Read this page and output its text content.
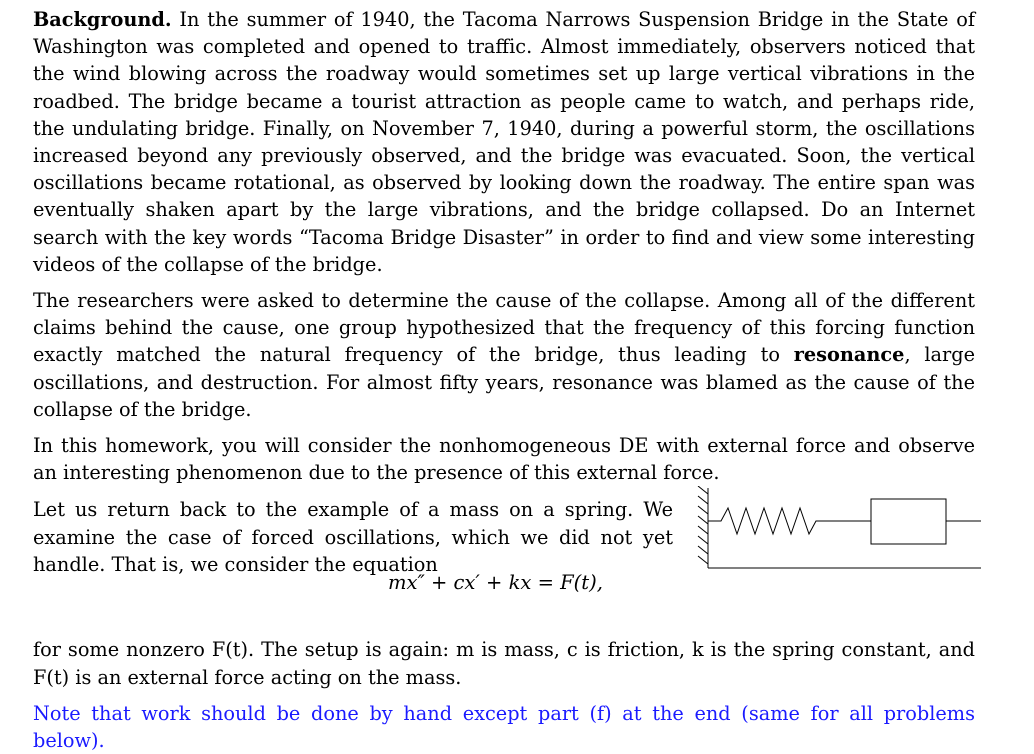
Background. In the summer of 1940, the Tacoma Narrows Suspension Bridge in the State of Washington was completed and opened to traffic. Almost immediately, observers noticed that the wind blowing across the roadway would sometimes set up large vertical vibrations in the roadbed. The bridge became a tourist attraction as people came to watch, and perhaps ride, the undulating bridge. Finally, on November 7, 1940, during a powerful storm, the oscillations increased beyond any previously observed, and the bridge was evacuated. Soon, the vertical oscillations became rotational, as observed by looking down the roadway. The entire span was eventually shaken apart by the large vibrations, and the bridge collapsed. Do an Internet search with the key words “Tacoma Bridge Disaster” in order to find and view some interesting videos of the collapse of the bridge.

The researchers were asked to determine the cause of the collapse. Among all of the different claims behind the cause, one group hypothesized that the frequency of this forcing function exactly matched the natural frequency of the bridge, thus leading to resonance, large oscillations, and destruction. For almost fifty years, resonance was blamed as the cause of the collapse of the bridge.

In this homework, you will consider the nonhomogeneous DE with external force and observe an interesting phenomenon due to the presence of this external force.

Let us return back to the example of a mass on a spring. We examine the case of forced oscillations, which we did not yet handle. That is, we consider the equation

mx″ + cx′ + kx = F(t),

for some nonzero F(t). The setup is again: m is mass, c is friction, k is the spring constant, and F(t) is an external force acting on the mass.

Note that work should be done by hand except part (f) at the end (same for all problems below).
